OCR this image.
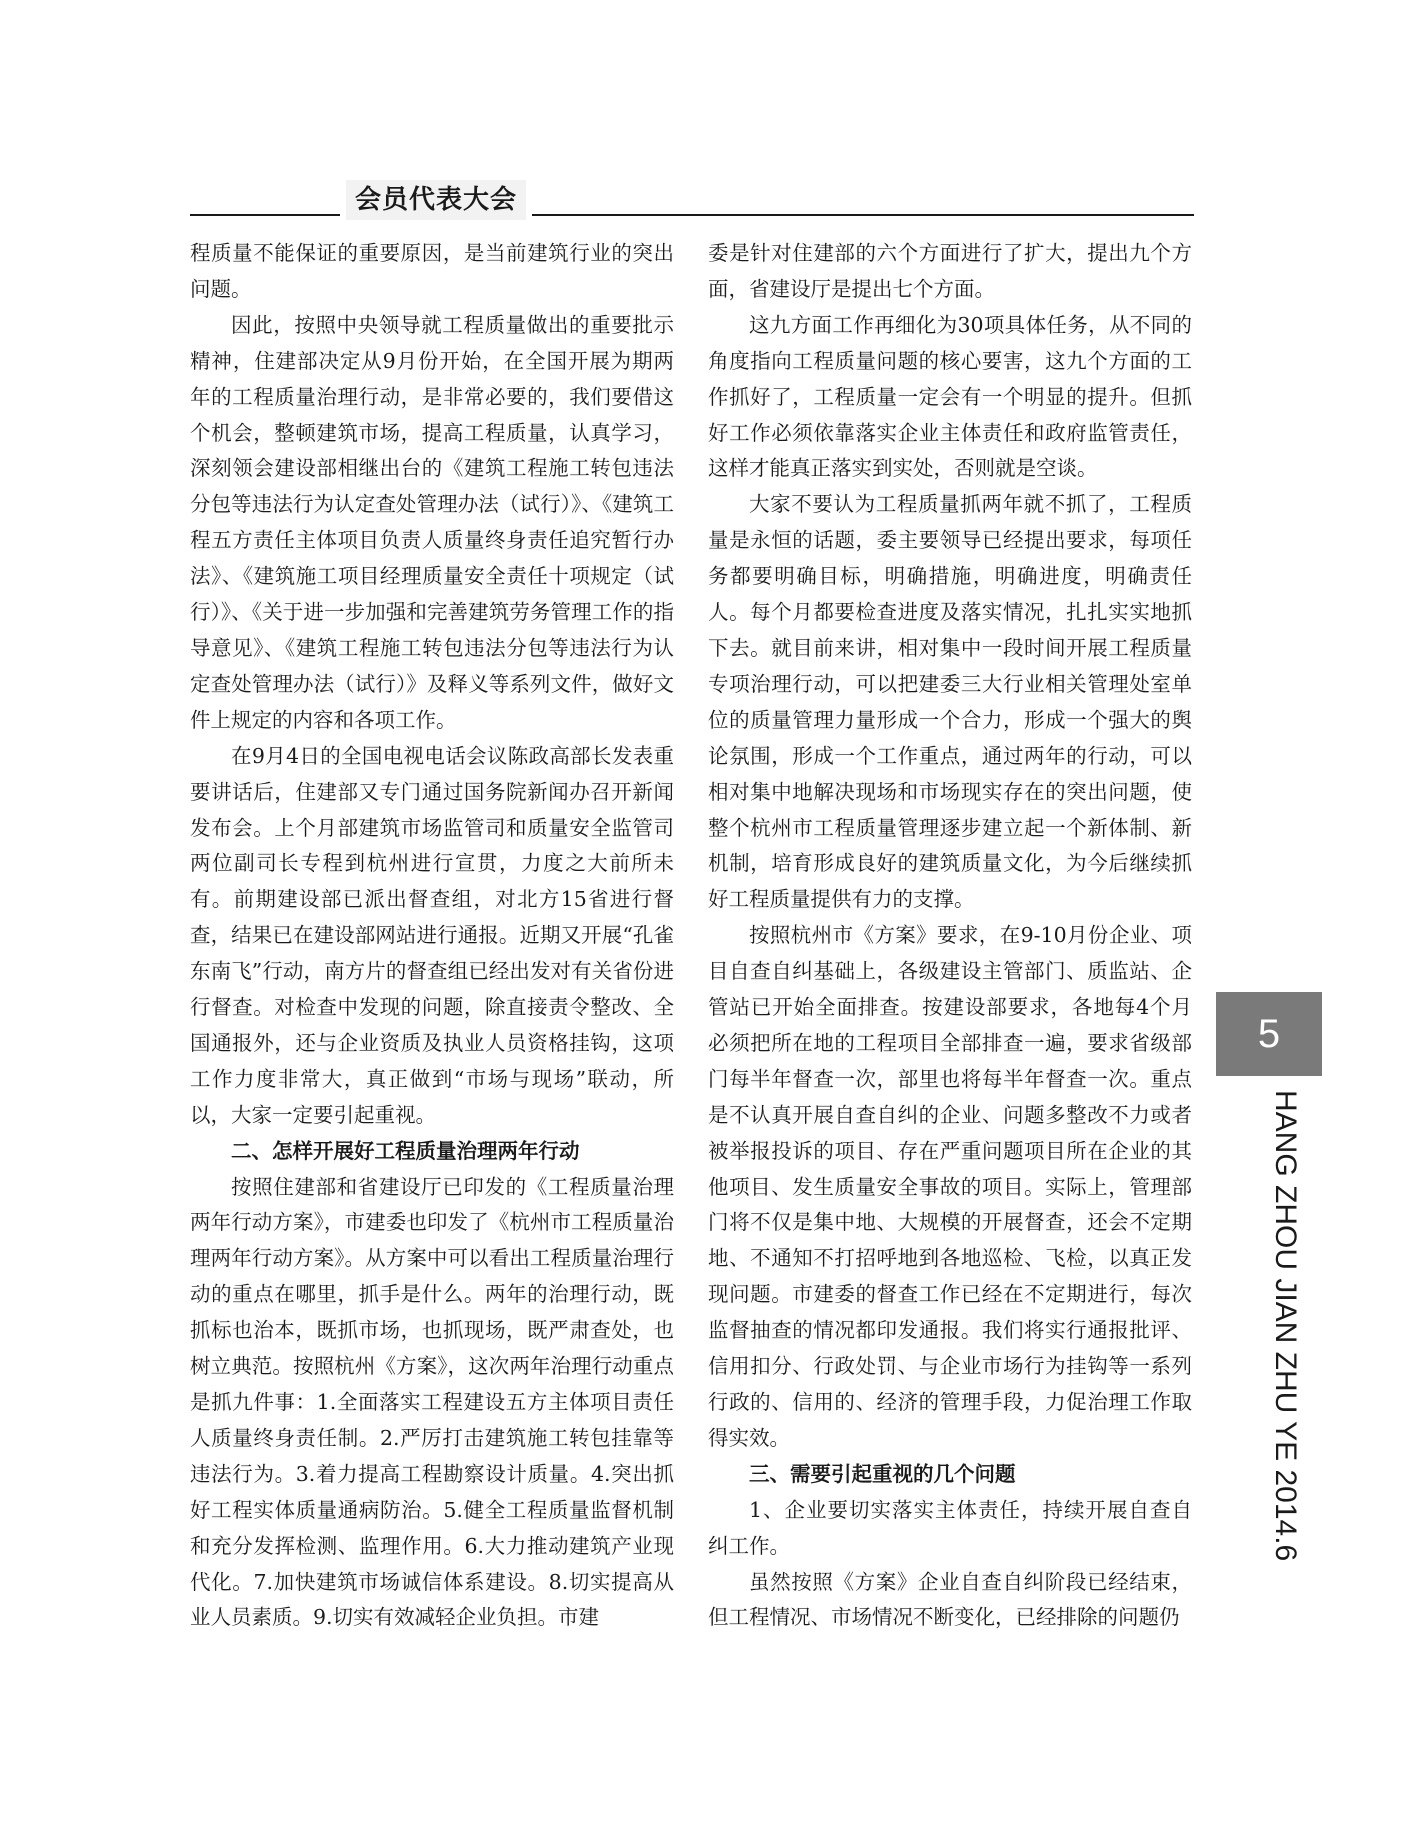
会员代表大会

程质量不能保证的重要原因，是当前建筑行业的突出问题。

因此，按照中央领导就工程质量做出的重要批示精神，住建部决定从9月份开始，在全国开展为期两年的工程质量治理行动，是非常必要的，我们要借这个机会，整顿建筑市场，提高工程质量，认真学习，深刻领会建设部相继出台的《建筑工程施工转包违法分包等违法行为认定查处管理办法（试行）》、《建筑工程五方责任主体项目负责人质量终身责任追究暂行办法》、《建筑施工项目经理质量安全责任十项规定（试行）》、《关于进一步加强和完善建筑劳务管理工作的指导意见》、《建筑工程施工转包违法分包等违法行为认定查处管理办法（试行）》及释义等系列文件，做好文件上规定的内容和各项工作。

在9月4日的全国电视电话会议陈政高部长发表重要讲话后，住建部又专门通过国务院新闻办召开新闻发布会。上个月部建筑市场监管司和质量安全监管司两位副司长专程到杭州进行宣贯，力度之大前所未有。前期建设部已派出督查组，对北方15省进行督查，结果已在建设部网站进行通报。近期又开展“孔雀东南飞”行动，南方片的督查组已经出发对有关省份进行督查。对检查中发现的问题，除直接责令整改、全国通报外，还与企业资质及执业人员资格挂钩，这项工作力度非常大，真正做到“市场与现场”联动，所以，大家一定要引起重视。

二、怎样开展好工程质量治理两年行动

按照住建部和省建设厅已印发的《工程质量治理两年行动方案》，市建委也印发了《杭州市工程质量治理两年行动方案》。从方案中可以看出工程质量治理行动的重点在哪里，抓手是什么。两年的治理行动，既抓标也治本，既抓市场，也抓现场，既严肃查处，也树立典范。按照杭州《方案》，这次两年治理行动重点是抓九件事：1.全面落实工程建设五方主体项目责任人质量终身责任制。2.严厉打击建筑施工转包挂靠等违法行为。3.着力提高工程勘察设计质量。4.突出抓好工程实体质量通病防治。5.健全工程质量监督机制和充分发挥检测、监理作用。6.大力推动建筑产业现代化。7.加快建筑市场诚信体系建设。8.切实提高从业人员素质。9.切实有效减轻企业负担。市建

委是针对住建部的六个方面进行了扩大，提出九个方面，省建设厅是提出七个方面。

这九方面工作再细化为30项具体任务，从不同的角度指向工程质量问题的核心要害，这九个方面的工作抓好了，工程质量一定会有一个明显的提升。但抓好工作必须依靠落实企业主体责任和政府监管责任，这样才能真正落实到实处，否则就是空谈。

大家不要认为工程质量抓两年就不抓了，工程质量是永恒的话题，委主要领导已经提出要求，每项任务都要明确目标，明确措施，明确进度，明确责任人。每个月都要检查进度及落实情况，扎扎实实地抓下去。就目前来讲，相对集中一段时间开展工程质量专项治理行动，可以把建委三大行业相关管理处室单位的质量管理力量形成一个合力，形成一个强大的舆论氛围，形成一个工作重点，通过两年的行动，可以相对集中地解决现场和市场现实存在的突出问题，使整个杭州市工程质量管理逐步建立起一个新体制、新机制，培育形成良好的建筑质量文化，为今后继续抓好工程质量提供有力的支撑。

按照杭州市《方案》要求，在9-10月份企业、项目自查自纠基础上，各级建设主管部门、质监站、企管站已开始全面排查。按建设部要求，各地每4个月必须把所在地的工程项目全部排查一遍，要求省级部门每半年督查一次，部里也将每半年督查一次。重点是不认真开展自查自纠的企业、问题多整改不力或者被举报投诉的项目、存在严重问题项目所在企业的其他项目、发生质量安全事故的项目。实际上，管理部门将不仅是集中地、大规模的开展督查，还会不定期地、不通知不打招呼地到各地巡检、飞检，以真正发现问题。市建委的督查工作已经在不定期进行，每次监督抽查的情况都印发通报。我们将实行通报批评、信用扣分、行政处罚、与企业市场行为挂钩等一系列行政的、信用的、经济的管理手段，力促治理工作取得实效。

三、需要引起重视的几个问题

1、企业要切实落实主体责任，持续开展自查自纠工作。

虽然按照《方案》企业自查自纠阶段已经结束，但工程情况、市场情况不断变化，已经排除的问题仍

5
HANG ZHOU JIAN ZHU YE 2014.6
